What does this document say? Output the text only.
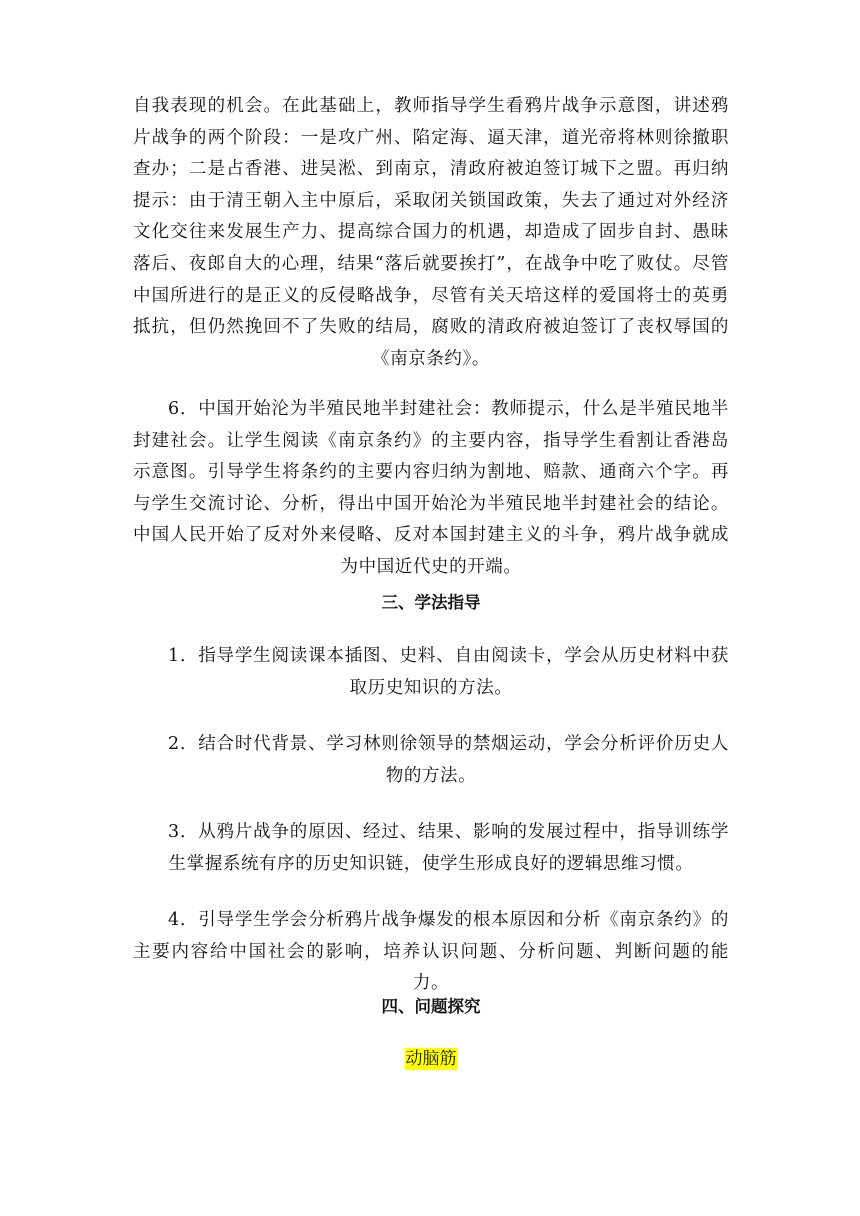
自我表现的机会。在此基础上，教师指导学生看鸦片战争示意图，讲述鸦片战争的两个阶段：一是攻广州、陷定海、逼天津，道光帝将林则徐撤职查办；二是占香港、进吴淞、到南京，清政府被迫签订城下之盟。再归纳提示：由于清王朝入主中原后，采取闭关锁国政策，失去了通过对外经济文化交往来发展生产力、提高综合国力的机遇，却造成了固步自封、愚昧落后、夜郎自大的心理，结果“落后就要挨打”，在战争中吃了败仗。尽管中国所进行的是正义的反侵略战争，尽管有关天培这样的爱国将士的英勇抵抗，但仍然挽回不了失败的结局，腐败的清政府被迫签订了丧权辱国的《南京条约》。

6．中国开始沦为半殖民地半封建社会：教师提示，什么是半殖民地半封建社会。让学生阅读《南京条约》的主要内容，指导学生看割让香港岛示意图。引导学生将条约的主要内容归纳为割地、赔款、通商六个字。再与学生交流讨论、分析，得出中国开始沦为半殖民地半封建社会的结论。中国人民开始了反对外来侵略、反对本国封建主义的斗争，鸦片战争就成为中国近代史的开端。

三、学法指导

1．指导学生阅读课本插图、史料、自由阅读卡，学会从历史材料中获取历史知识的方法。

2．结合时代背景、学习林则徐领导的禁烟运动，学会分析评价历史人物的方法。

3．从鸦片战争的原因、经过、结果、影响的发展过程中，指导训练学生掌握系统有序的历史知识链，使学生形成良好的逻辑思维习惯。

4．引导学生学会分析鸦片战争爆发的根本原因和分析《南京条约》的主要内容给中国社会的影响，培养认识问题、分析问题、判断问题的能力。

四、问题探究
动脑筋
